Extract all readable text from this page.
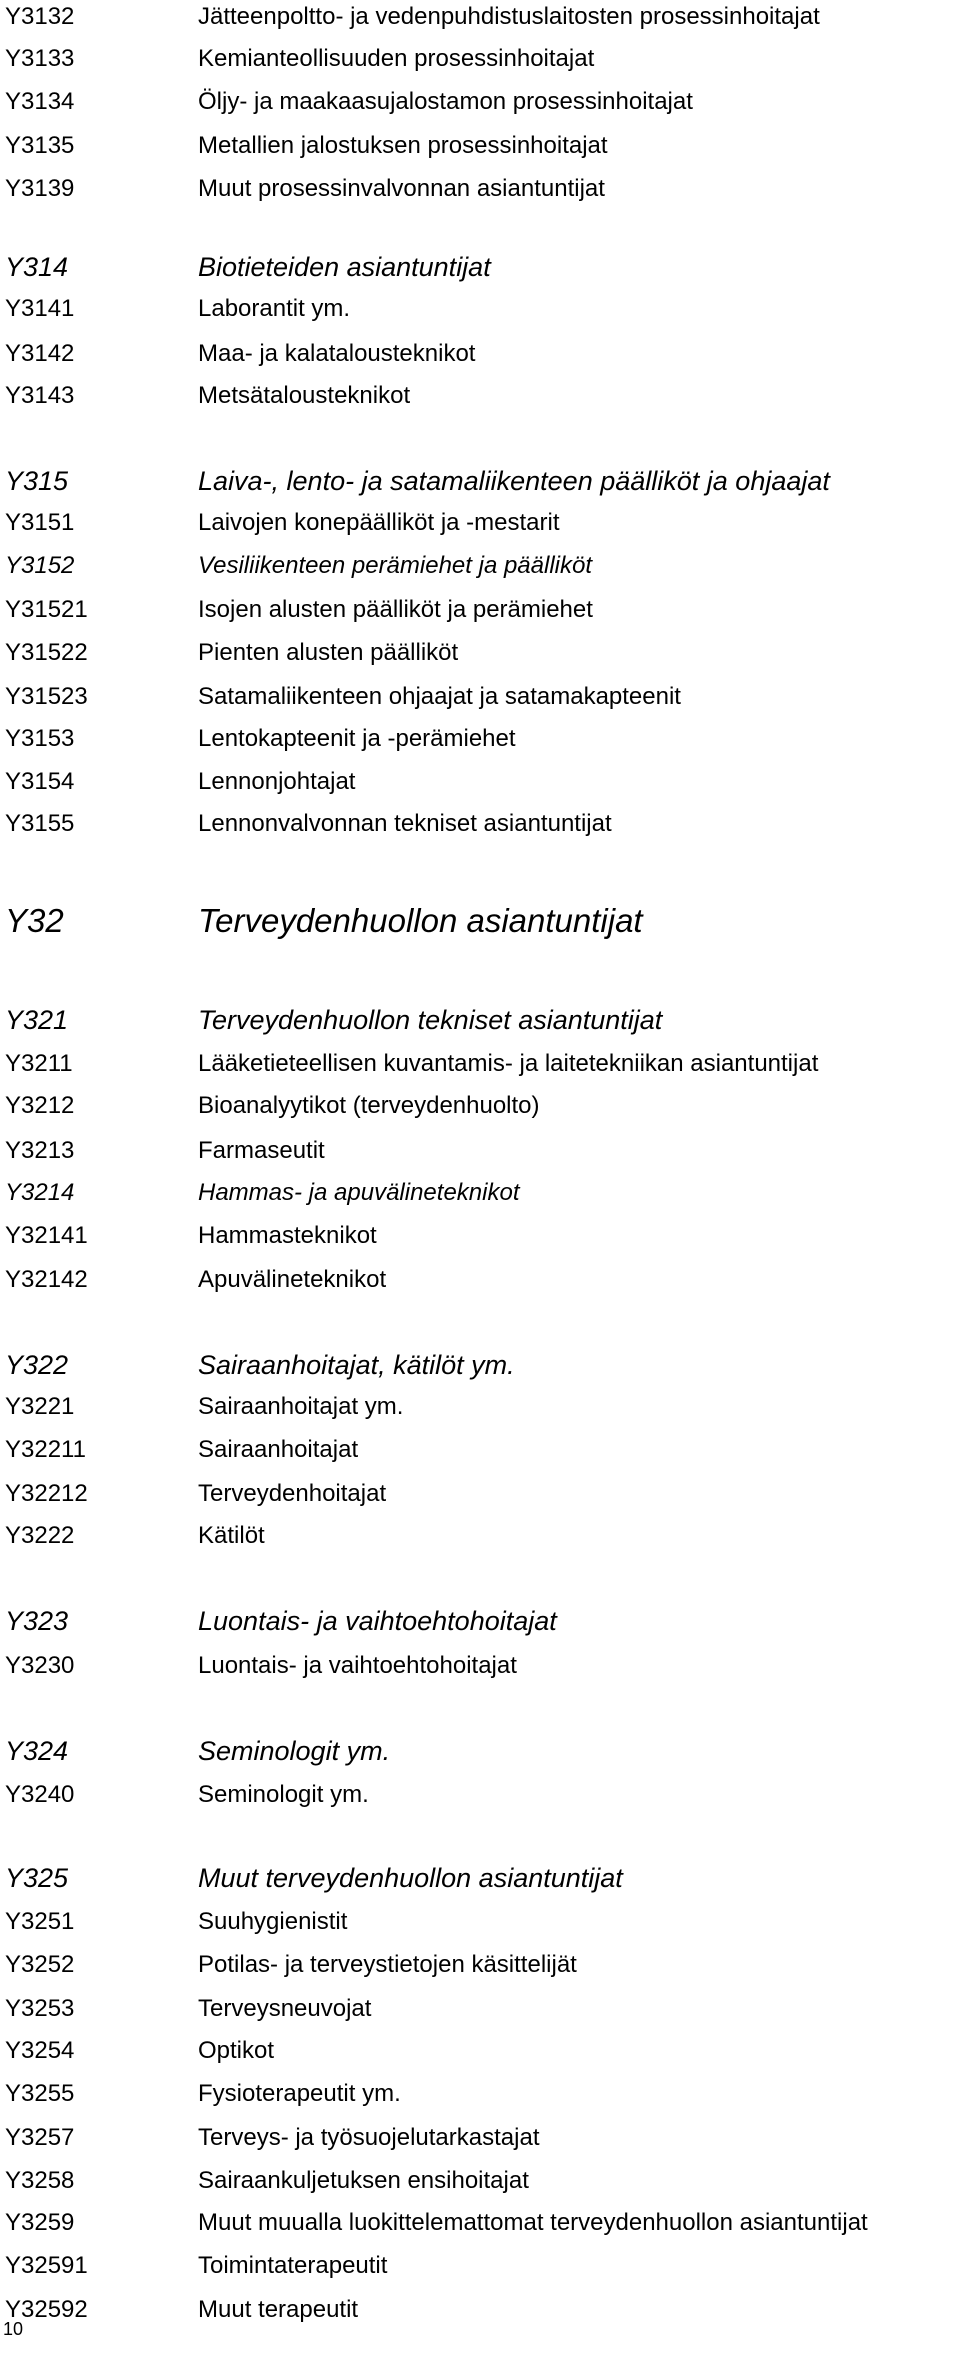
Y3132	Jätteenpoltto- ja vedenpuhdistuslaitosten prosessinhoitajat
Y3133	Kemianteollisuuden prosessinhoitajat
Y3134	Öljy- ja maakaasujalostamon prosessinhoitajat
Y3135	Metallien jalostuksen prosessinhoitajat
Y3139	Muut prosessinvalvonnan asiantuntijat
Y314	Biotieteiden asiantuntijat
Y3141	Laborantit ym.
Y3142	Maa- ja kalatalousteknikot
Y3143	Metsätalousteknikot
Y315	Laiva-, lento- ja satamaliikenteen päälliköt ja ohjaajat
Y3151	Laivojen konepäälliköt ja -mestarit
Y3152	Vesiliikenteen perämiehet ja päälliköt
Y31521	Isojen alusten päälliköt ja perämiehet
Y31522	Pienten alusten päälliköt
Y31523	Satamaliikenteen ohjaajat ja satamakapteenit
Y3153	Lentokapteenit ja -perämiehet
Y3154	Lennonjohtajat
Y3155	Lennonvalvonnan tekniset asiantuntijat
Y32	Terveydenhuollon asiantuntijat
Y321	Terveydenhuollon tekniset asiantuntijat
Y3211	Lääketieteellisen kuvantamis- ja laitetekniikan asiantuntijat
Y3212	Bioanalyytikot (terveydenhuolto)
Y3213	Farmaseutit
Y3214	Hammas- ja apuvälineteknikot
Y32141	Hammasteknikot
Y32142	Apuvälineteknikot
Y322	Sairaanhoitajat, kätilöt ym.
Y3221	Sairaanhoitajat ym.
Y32211	Sairaanhoitajat
Y32212	Terveydenhoitajat
Y3222	Kätilöt
Y323	Luontais- ja vaihtoehtohoitajat
Y3230	Luontais- ja vaihtoehtohoitajat
Y324	Seminologit ym.
Y3240	Seminologit ym.
Y325	Muut terveydenhuollon asiantuntijat
Y3251	Suuhygienistit
Y3252	Potilas- ja terveystietojen käsittelijät
Y3253	Terveysneuvojat
Y3254	Optikot
Y3255	Fysioterapeutit ym.
Y3257	Terveys- ja työsuojelutarkastajat
Y3258	Sairaankuljetuksen ensihoitajat
Y3259	Muut muualla luokittelemattomat terveydenhuollon asiantuntijat
Y32591	Toimintaterapeutit
Y32592	Muut terapeutit
10
